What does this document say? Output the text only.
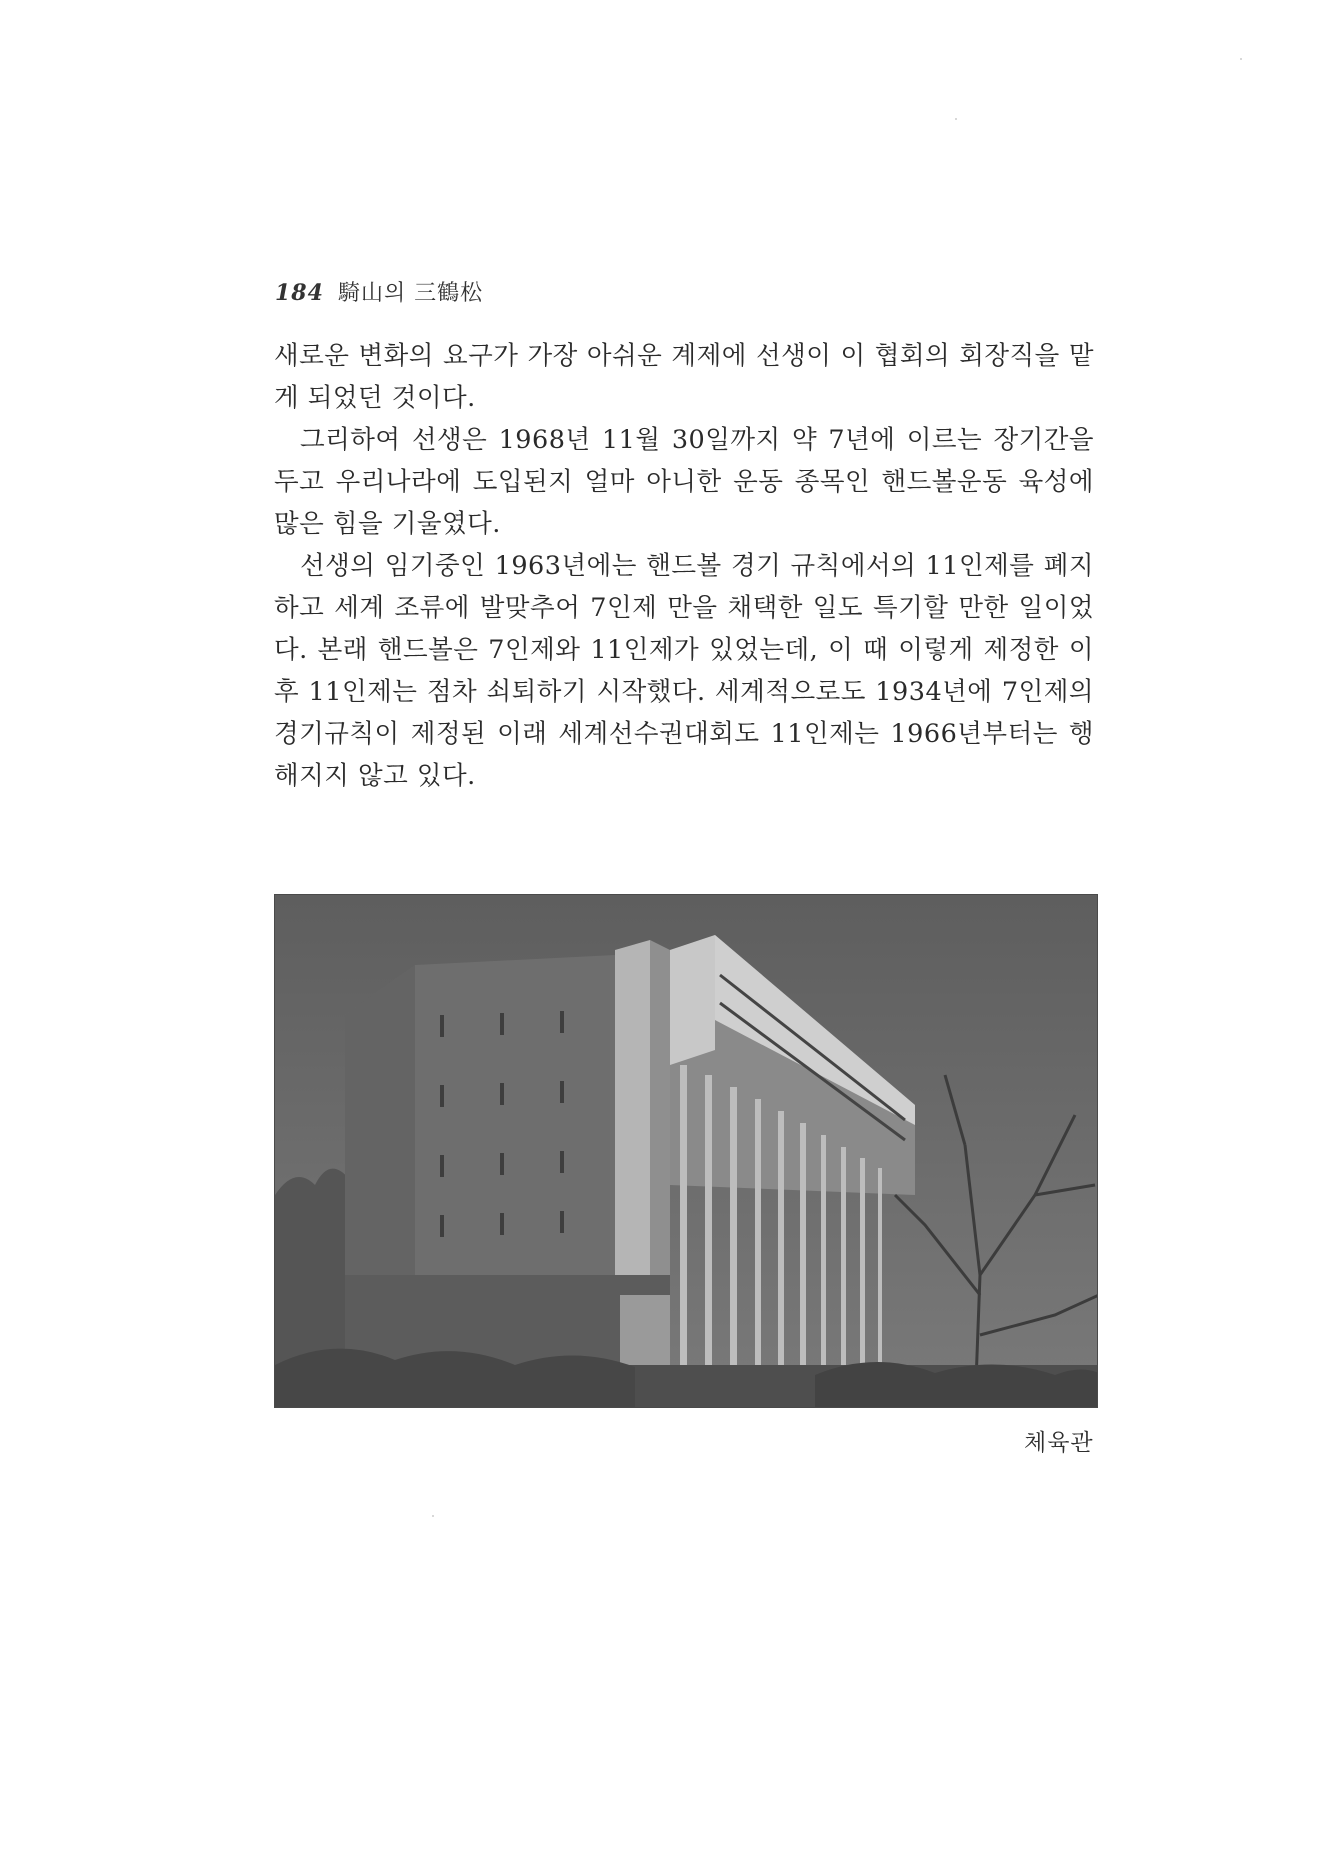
184 騎山의 三鶴松

새로운 변화의 요구가 가장 아쉬운 계제에 선생이 이 협회의 회장직을 맡게 되었던 것이다.

그리하여 선생은 1968년 11월 30일까지 약 7년에 이르는 장기간을 두고 우리나라에 도입된지 얼마 아니한 운동 종목인 핸드볼운동 육성에 많은 힘을 기울였다.

선생의 임기중인 1963년에는 핸드볼 경기 규칙에서의 11인제를 폐지하고 세계 조류에 발맞추어 7인제 만을 채택한 일도 특기할 만한 일이었다. 본래 핸드볼은 7인제와 11인제가 있었는데, 이 때 이렇게 제정한 이후 11인제는 점차 쇠퇴하기 시작했다. 세계적으로도 1934년에 7인제의 경기규칙이 제정된 이래 세계선수권대회도 11인제는 1966년부터는 행해지지 않고 있다.

체육관
